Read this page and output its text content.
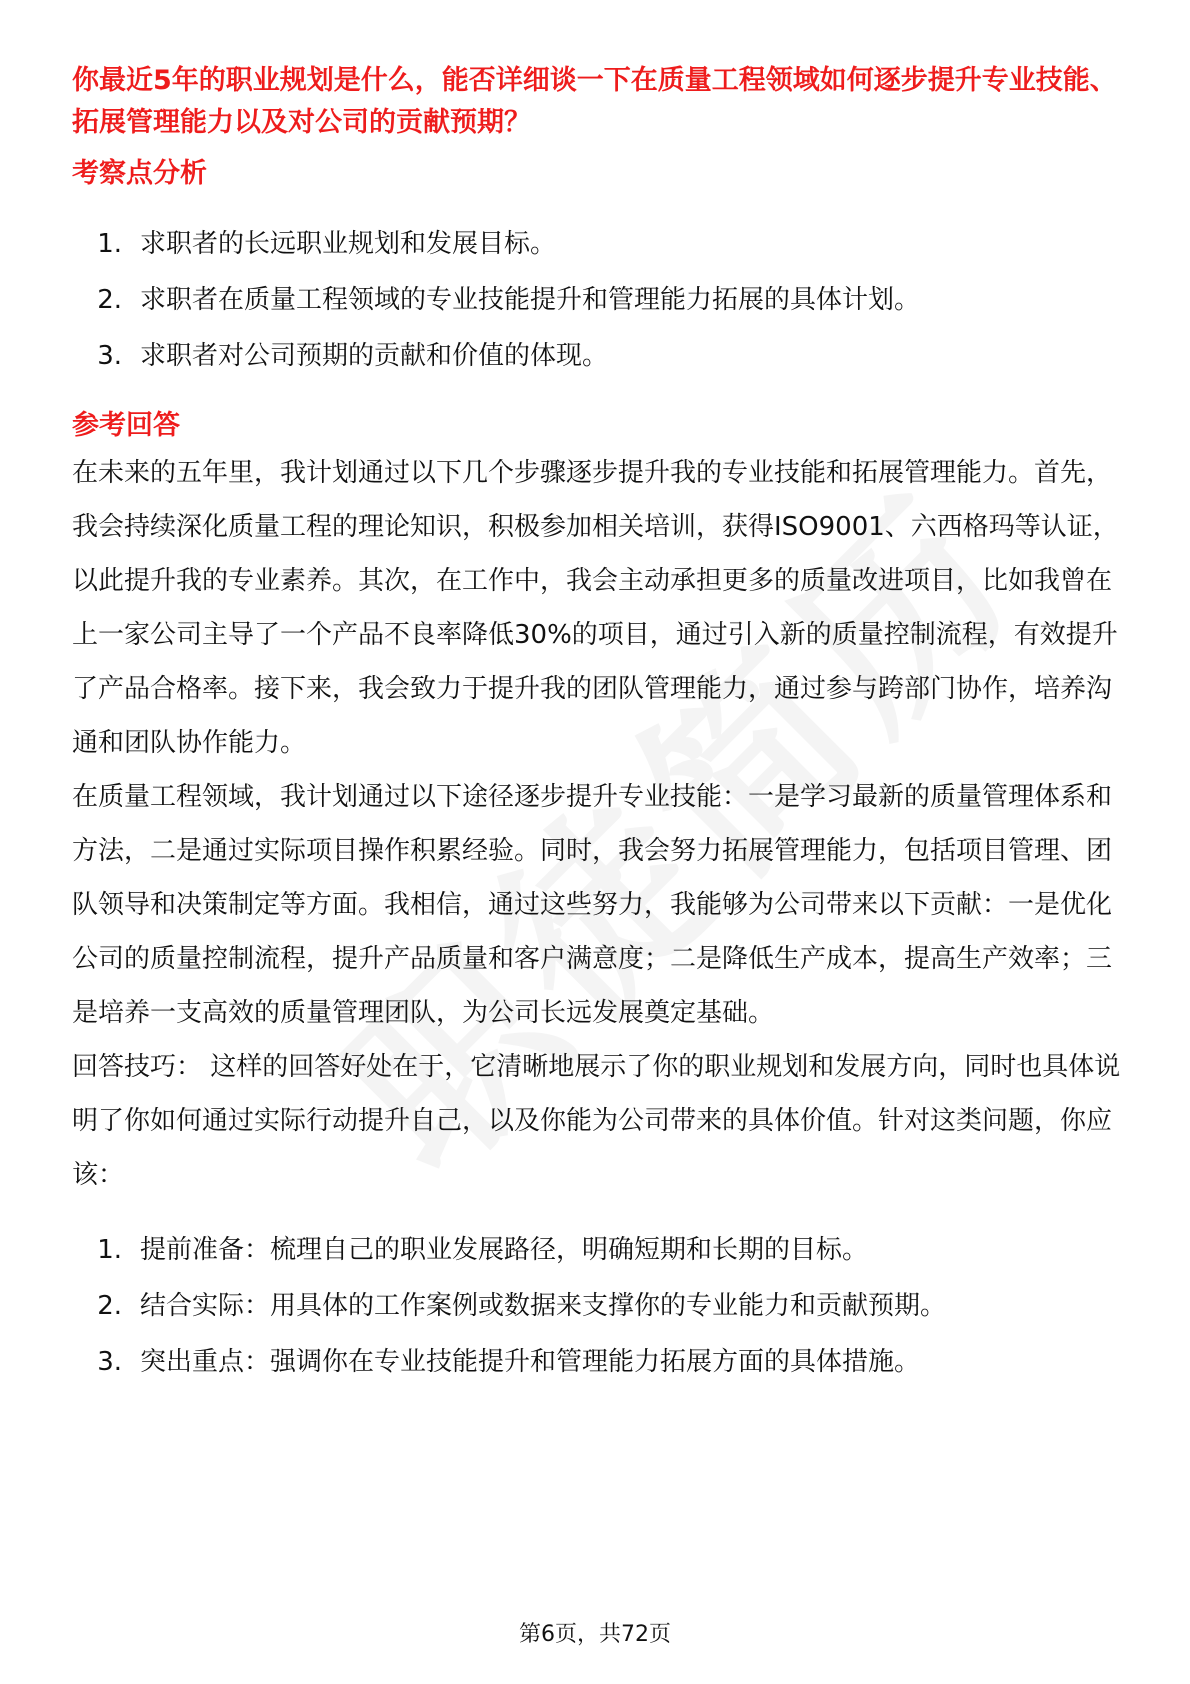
你最近5年的职业规划是什么，能否详细谈一下在质量工程领域如何逐步提升专业技能、拓展管理能力以及对公司的贡献预期？

考察点分析
1. 求职者的长远职业规划和发展目标。
2. 求职者在质量工程领域的专业技能提升和管理能力拓展的具体计划。
3. 求职者对公司预期的贡献和价值的体现。
参考回答

在未来的五年里，我计划通过以下几个步骤逐步提升我的专业技能和拓展管理能力。首先，我会持续深化质量工程的理论知识，积极参加相关培训，获得ISO9001、六西格玛等认证，以此提升我的专业素养。其次，在工作中，我会主动承担更多的质量改进项目，比如我曾在上一家公司主导了一个产品不良率降低30%的项目，通过引入新的质量控制流程，有效提升了产品合格率。接下来，我会致力于提升我的团队管理能力，通过参与跨部门协作，培养沟通和团队协作能力。

在质量工程领域，我计划通过以下途径逐步提升专业技能：一是学习最新的质量管理体系和方法，二是通过实际项目操作积累经验。同时，我会努力拓展管理能力，包括项目管理、团队领导和决策制定等方面。我相信，通过这些努力，我能够为公司带来以下贡献：一是优化公司的质量控制流程，提升产品质量和客户满意度；二是降低生产成本，提高生产效率；三是培养一支高效的质量管理团队，为公司长远发展奠定基础。

回答技巧： 这样的回答好处在于，它清晰地展示了你的职业规划和发展方向，同时也具体说明了你如何通过实际行动提升自己，以及你能为公司带来的具体价值。针对这类问题，你应该：

1. 提前准备：梳理自己的职业发展路径，明确短期和长期的目标。
2. 结合实际：用具体的工作案例或数据来支撑你的专业能力和贡献预期。
3. 突出重点：强调你在专业技能提升和管理能力拓展方面的具体措施。
第6页，共72页
